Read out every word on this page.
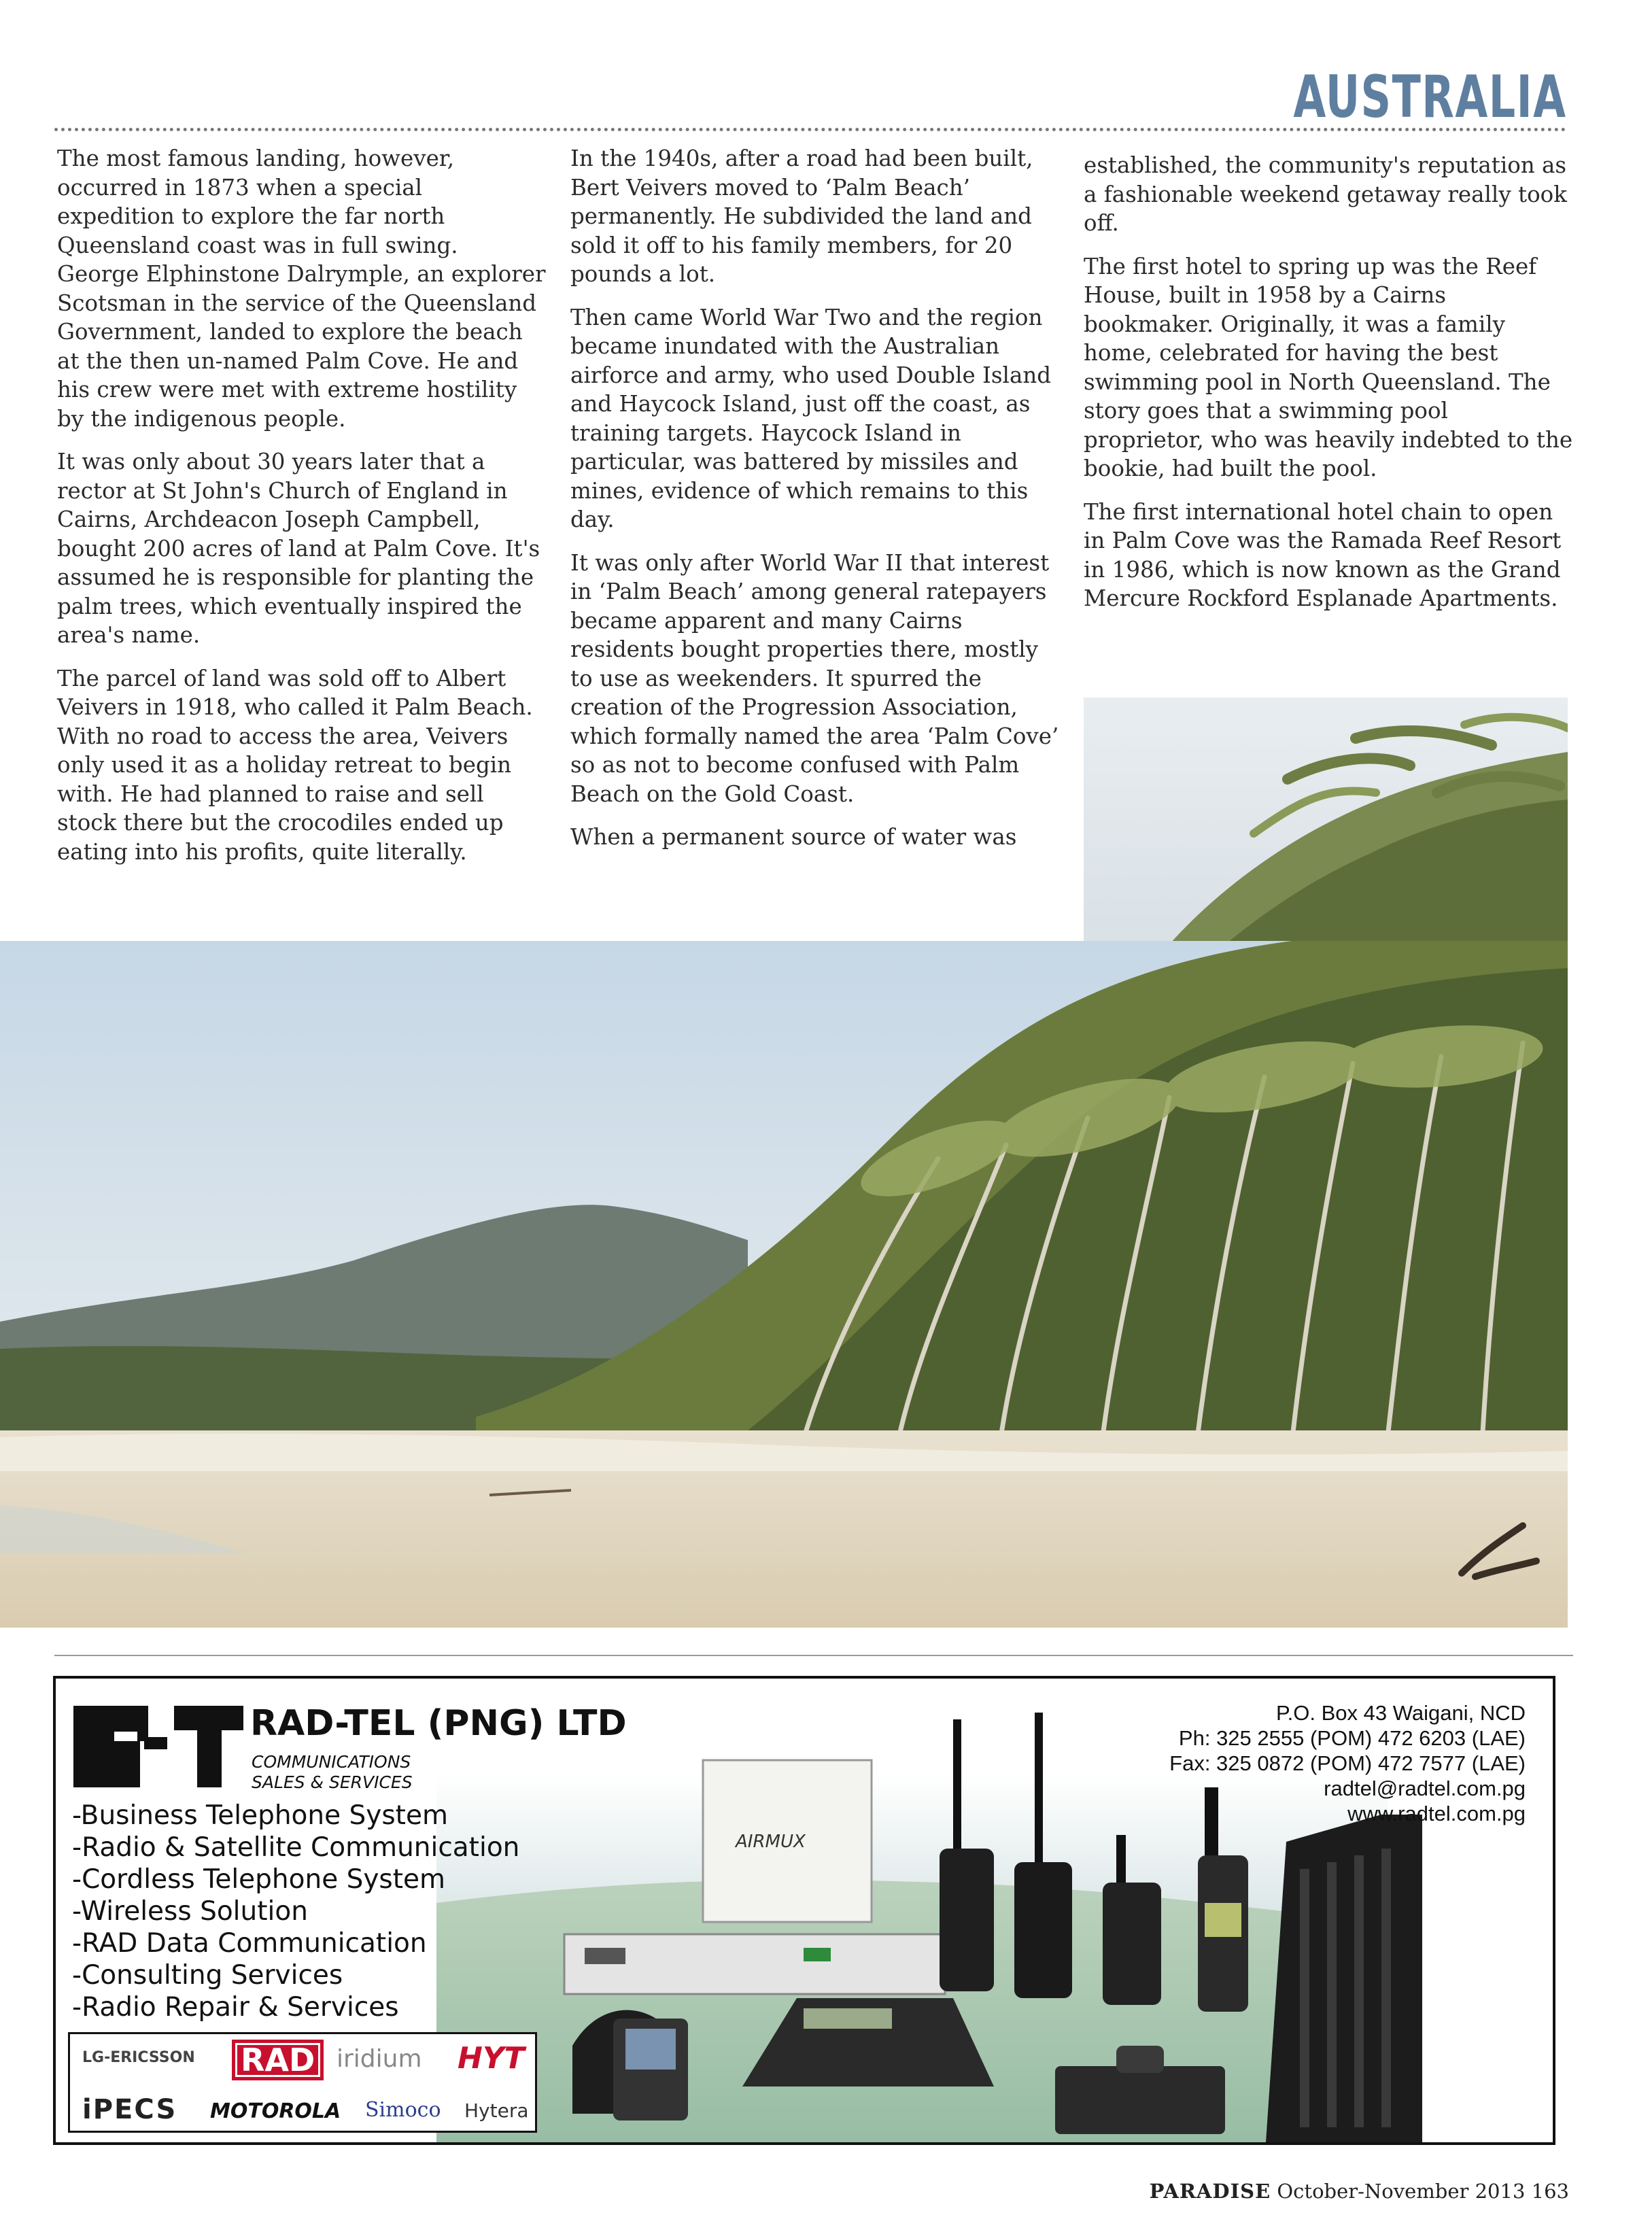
AUSTRALIA

The most famous landing, however, occurred in 1873 when a special expedition to explore the far north Queensland coast was in full swing. George Elphinstone Dalrymple, an explorer Scotsman in the service of the Queensland Government, landed to explore the beach at the then un-named Palm Cove. He and his crew were met with extreme hostility by the indigenous people.

It was only about 30 years later that a rector at St John's Church of England in Cairns, Archdeacon Joseph Campbell, bought 200 acres of land at Palm Cove. It's assumed he is responsible for planting the palm trees, which eventually inspired the area's name.

The parcel of land was sold off to Albert Veivers in 1918, who called it Palm Beach. With no road to access the area, Veivers only used it as a holiday retreat to begin with. He had planned to raise and sell stock there but the crocodiles ended up eating into his profits, quite literally.

In the 1940s, after a road had been built, Bert Veivers moved to ‘Palm Beach’ permanently. He subdivided the land and sold it off to his family members, for 20 pounds a lot.

Then came World War Two and the region became inundated with the Australian airforce and army, who used Double Island and Haycock Island, just off the coast, as training targets. Haycock Island in particular, was battered by missiles and mines, evidence of which remains to this day.

It was only after World War II that interest in ‘Palm Beach’ among general ratepayers became apparent and many Cairns residents bought properties there, mostly to use as weekenders. It spurred the creation of the Progression Association, which formally named the area ‘Palm Cove’ so as not to become confused with Palm Beach on the Gold Coast.

When a permanent source of water was

established, the community's reputation as a fashionable weekend getaway really took off.

The first hotel to spring up was the Reef House, built in 1958 by a Cairns bookmaker. Originally, it was a family home, celebrated for having the best swimming pool in North Queensland. The story goes that a swimming pool proprietor, who was heavily indebted to the bookie, had built the pool.

The first international hotel chain to open in Palm Cove was the Ramada Reef Resort in 1986, which is now known as the Grand Mercure Rockford Esplanade Apartments.

AIRMUX
RAD-TEL (PNG) LTD
COMMUNICATIONS
SALES & SERVICES
-Business Telephone System
-Radio & Satellite Communication
-Cordless Telephone System
-Wireless Solution
-RAD Data Communication
-Consulting Services
-Radio Repair & Services
P.O. Box 43 Waigani, NCD
Ph: 325 2555 (POM) 472 6203 (LAE)
Fax: 325 0872 (POM) 472 7577 (LAE)
radtel@radtel.com.pg
www.radtel.com.pg
LG-ERICSSON RAD iridium HYT
iPECS MOTOROLA Simoco Hytera
PARADISE October-November 2013 163
